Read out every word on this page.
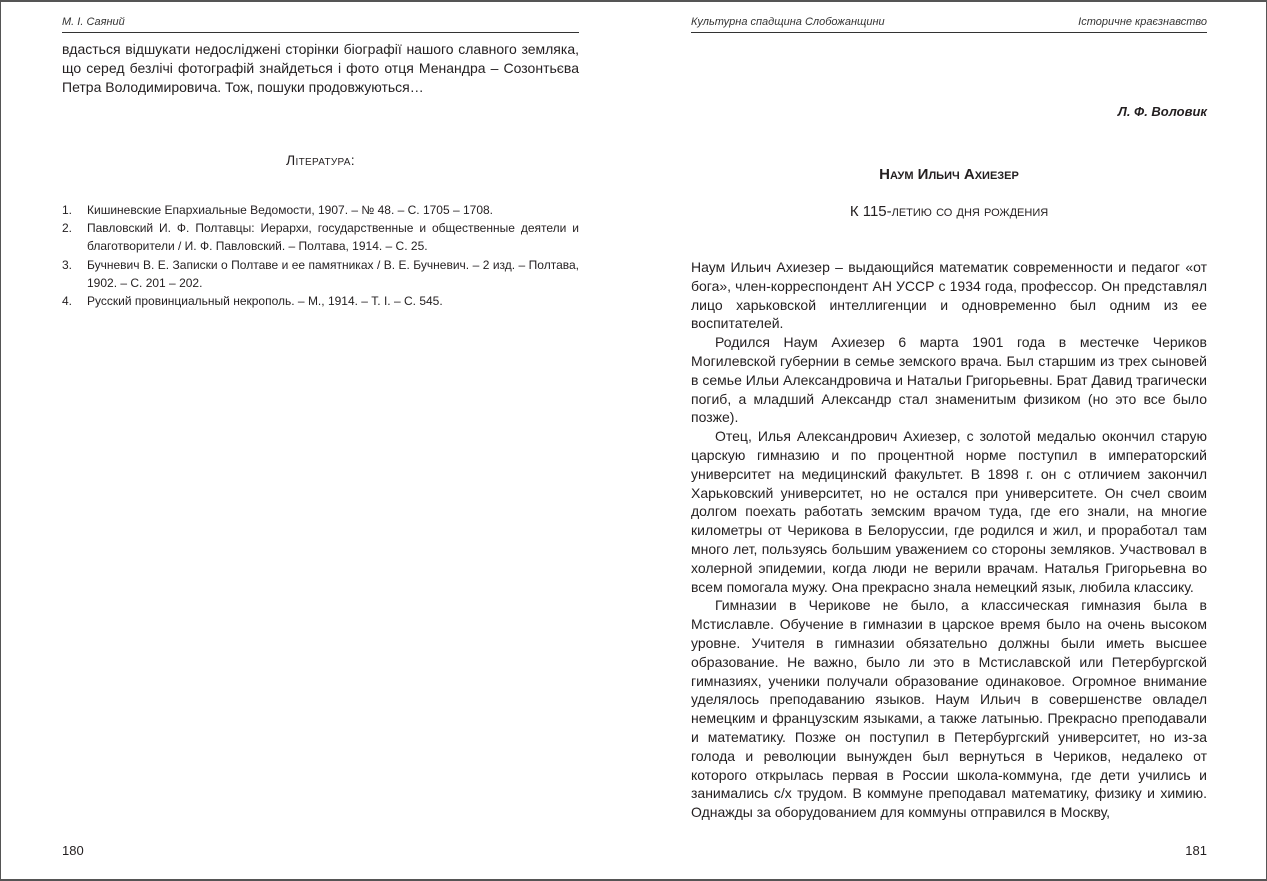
М. І. Саяний

вдасться відшукати недосліджені сторінки біографії нашого славного земляка, що серед безлічі фотографій знайдеться і фото отця Менандра – Созонтьєва Петра Володимировича. Тож, пошуки продовжуються…

Література:
1. Кишиневские Епархиальные Ведомости, 1907. – № 48. – С. 1705 – 1708.
2. Павловский И. Ф. Полтавцы: Иерархи, государственные и общественные деятели и благотворители / И. Ф. Павловский. – Полтава, 1914. – С. 25.
3. Бучневич В. Е. Записки о Полтаве и ее памятниках / В. Е. Бучневич. – 2 изд. – Полтава, 1902. – С. 201 – 202.
4. Русский провинциальный некрополь. – М., 1914. – Т. I. – С. 545.
180
Культурна спадщина Слобожанщини	Історичне краєзнавство
Л. Ф. Воловик
Наум Ильич Ахиезер
К 115-летию со дня рождения

Наум Ильич Ахиезер – выдающийся математик современности и педагог «от бога», член-корреспондент АН УССР с 1934 года, профессор. Он представлял лицо харьковской интеллигенции и одновременно был одним из ее воспитателей.

Родился Наум Ахиезер 6 марта 1901 года в местечке Чериков Могилевской губернии в семье земского врача. Был старшим из трех сыновей в семье Ильи Александровича и Натальи Григорьевны. Брат Давид трагически погиб, а младший Александр стал знаменитым физиком (но это все было позже).

Отец, Илья Александрович Ахиезер, с золотой медалью окончил старую царскую гимназию и по процентной норме поступил в императорский университет на медицинский факультет. В 1898 г. он с отличием закончил Харьковский университет, но не остался при университете. Он счел своим долгом поехать работать земским врачом туда, где его знали, на многие километры от Черикова в Белоруссии, где родился и жил, и проработал там много лет, пользуясь большим уважением со стороны земляков. Участвовал в холерной эпидемии, когда люди не верили врачам. Наталья Григорьевна во всем помогала мужу. Она прекрасно знала немецкий язык, любила классику.

Гимназии в Черикове не было, а классическая гимназия была в Мстиславле. Обучение в гимназии в царское время было на очень высоком уровне. Учителя в гимназии обязательно должны были иметь высшее образование. Не важно, было ли это в Мстиславской или Петербургской гимназиях, ученики получали образование одинаковое. Огромное внимание уделялось преподаванию языков. Наум Ильич в совершенстве овладел немецким и французским языками, а также латынью. Прекрасно преподавали и математику. Позже он поступил в Петербургский университет, но из-за голода и революции вынужден был вернуться в Чериков, недалеко от которого открылась первая в России школа-коммуна, где дети учились и занимались с/х трудом. В коммуне преподавал математику, физику и химию. Однажды за оборудованием для коммуны отправился в Москву,

181
